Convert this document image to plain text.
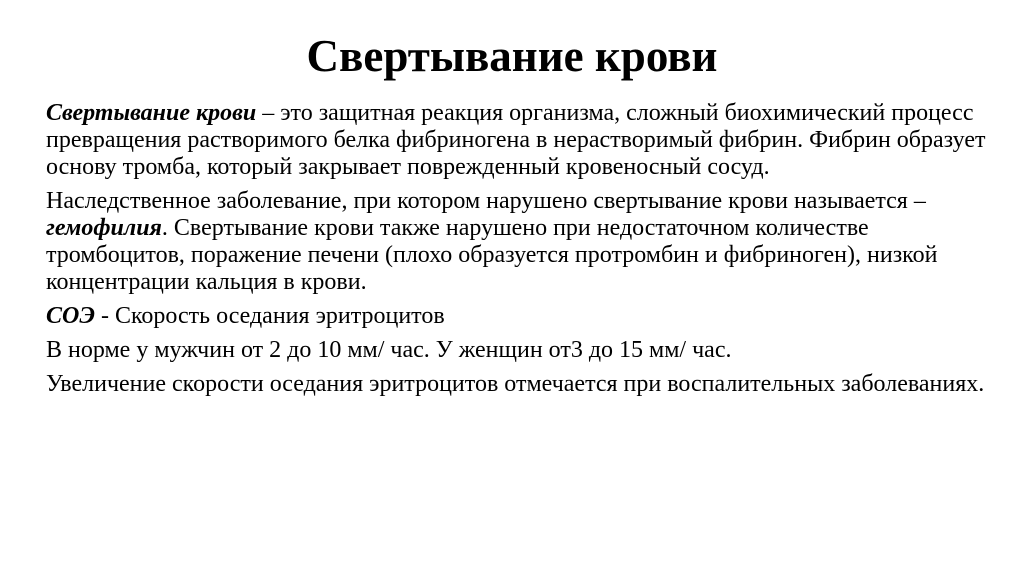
Свертывание крови

Свертывание крови – это защитная реакция организма, сложный биохимический процесс превращения растворимого белка фибриногена в нерастворимый фибрин. Фибрин образует основу тромба, который закрывает поврежденный кровеносный сосуд.

Наследственное заболевание, при котором нарушено свертывание крови называется – гемофилия. Свертывание крови также нарушено при недостаточном количестве тромбоцитов, поражение печени (плохо образуется протромбин и фибриноген), низкой концентрации кальция в крови.

СОЭ - Скорость оседания эритроцитов

В норме у мужчин от 2 до 10 мм/ час. У женщин от3 до 15 мм/ час.

Увеличение скорости оседания эритроцитов отмечается при воспалительных заболеваниях.
